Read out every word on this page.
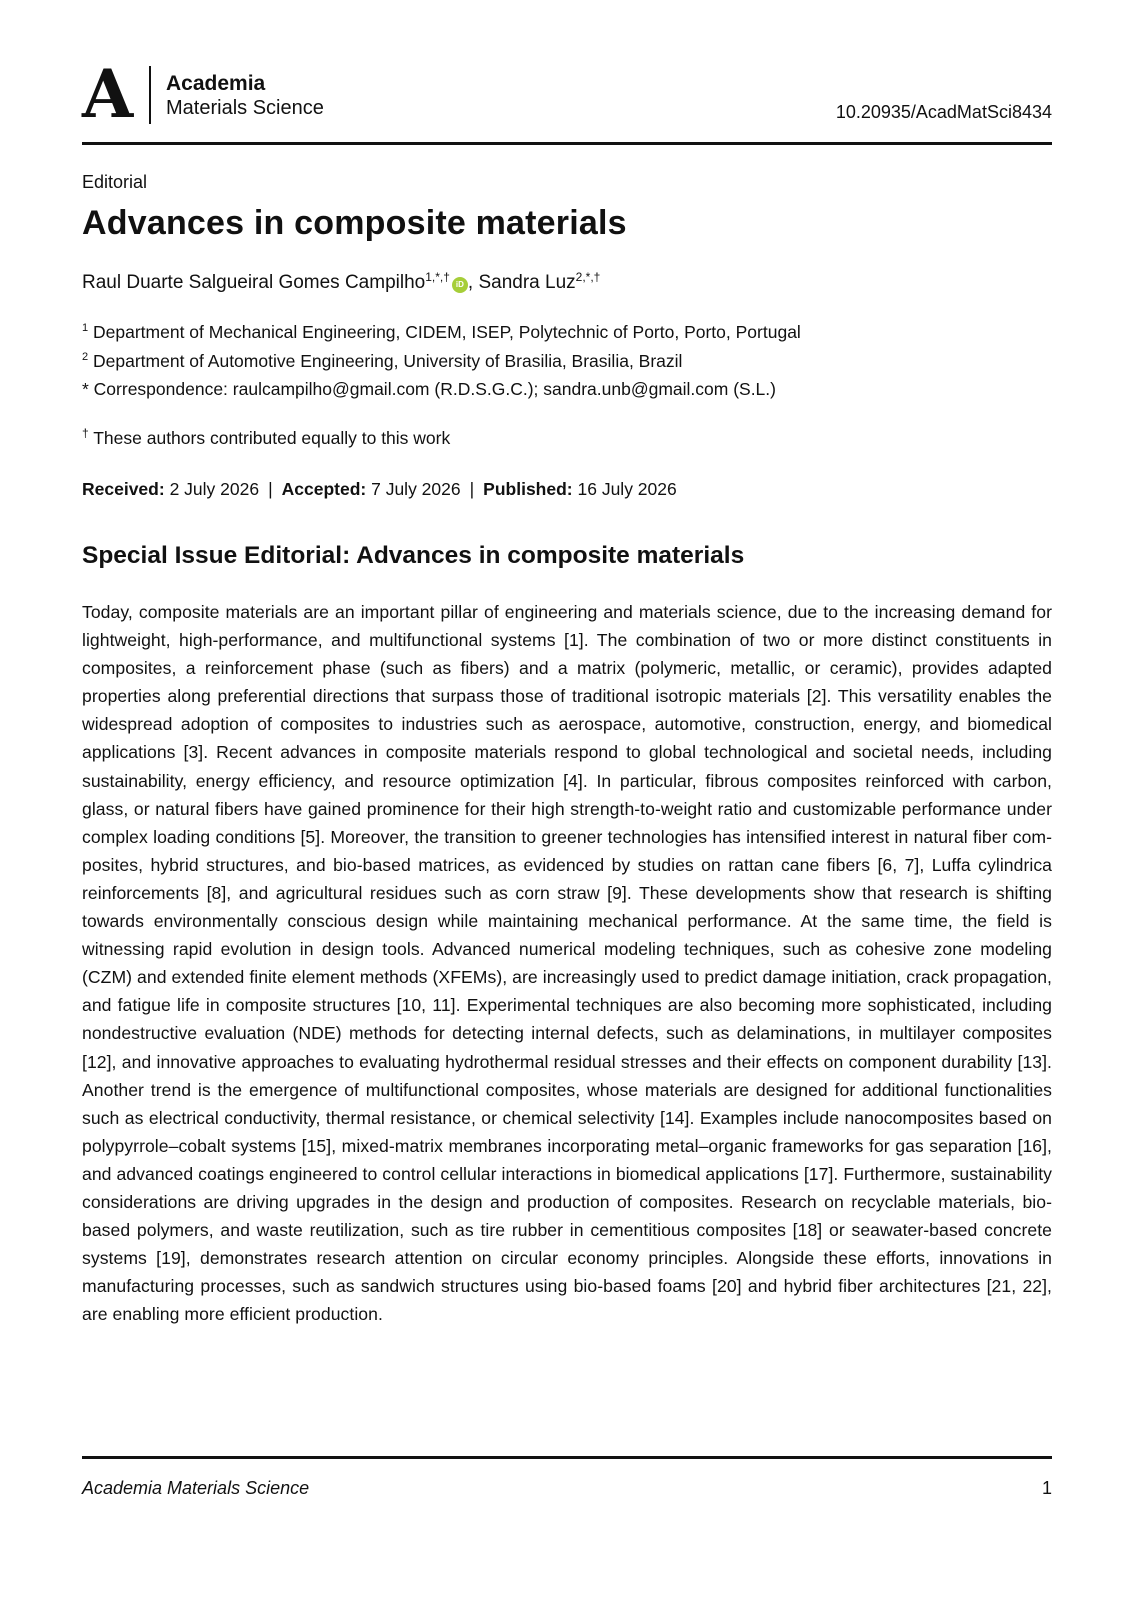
A Academia
Materials Science	10.20935/AcadMatSci8434
Editorial
Advances in composite materials
Raul Duarte Salgueiral Gomes Campilho$^{1,*,\dagger}$iD , Sandra Luz$^{2,*,\dagger}$
$^1$ Department of Mechanical Engineering, CIDEM, ISEP, Polytechnic of Porto, Porto, Portugal
$^2$ Department of Automotive Engineering, University of Brasilia, Brasilia, Brazil
* Correspondence: raulcampilho@gmail.com (R.D.S.G.C.); sandra.unb@gmail.com (S.L.)
† These authors contributed equally to this work
Received: 2 July 2026 | Accepted: 7 July 2026 | Published: 16 July 2026
Special Issue Editorial: Advances in composite materials

Today, composite materials are an important pillar of engineering and materials science, due to the increasing demand for lightweight, high-performance, and multifunctional systems [1]. The combination of two or more distinct constituents in composites, a reinforcement phase (such as fibers) and a matrix (polymeric, metallic, or ceramic), provides adapted properties along preferential directions that surpass those of traditional isotropic materials [2]. This versatility enables the widespread adoption of composites to industries such as aerospace, automotive, construction, energy, and biomedical applications [3]. Recent advances in composite materials respond to global technological and societal needs, including sustainability, energy efficiency, and resource optimization [4]. In particular, fibrous composites reinforced with carbon, glass, or natural fibers have gained prominence for their high strength-to-weight ratio and customizable performance under complex loading conditions [5]. Moreover, the transition to greener technologies has intensified interest in natural fiber composites, hybrid structures, and bio-based matrices, as evidenced by studies on rattan cane fibers [6, 7], Luffa cylindrica reinforcements [8], and agricultural residues such as corn straw [9]. These developments show that research is shifting towards environmentally conscious design while maintaining mechanical performance. At the same time, the field is witnessing rapid evolution in design tools. Advanced numerical modeling techniques, such as cohesive zone modeling (CZM) and extended finite element methods (XFEMs), are increasingly used to predict damage initiation, crack propagation, and fatigue life in composite structures [10, 11]. Experimental techniques are also becoming more sophisticated, including nondestructive evaluation (NDE) methods for detecting internal defects, such as delaminations, in multilayer composites [12], and innovative approaches to evaluating hydrothermal residual stresses and their effects on component durability [13]. Another trend is the emergence of multifunctional composites, whose materials are designed for additional functionalities such as electrical conductivity, thermal resistance, or chemical selectivity [14]. Examples include nanocomposites based on polypyrrole–cobalt systems [15], mixed-matrix membranes incorporating metal–organic frameworks for gas separation [16], and advanced coatings engineered to control cellular interactions in biomedical applications [17]. Furthermore, sustainability considerations are driving upgrades in the design and production of composites. Research on recyclable materials, bio-based polymers, and waste reutilization, such as tire rubber in cementitious composites [18] or seawater-based concrete systems [19], demonstrates research attention on circular economy principles. Alongside these efforts, innovations in manufacturing processes, such as sandwich structures using bio-based foams [20] and hybrid fiber architectures [21, 22], are enabling more efficient production.

Academia Materials Science	1
